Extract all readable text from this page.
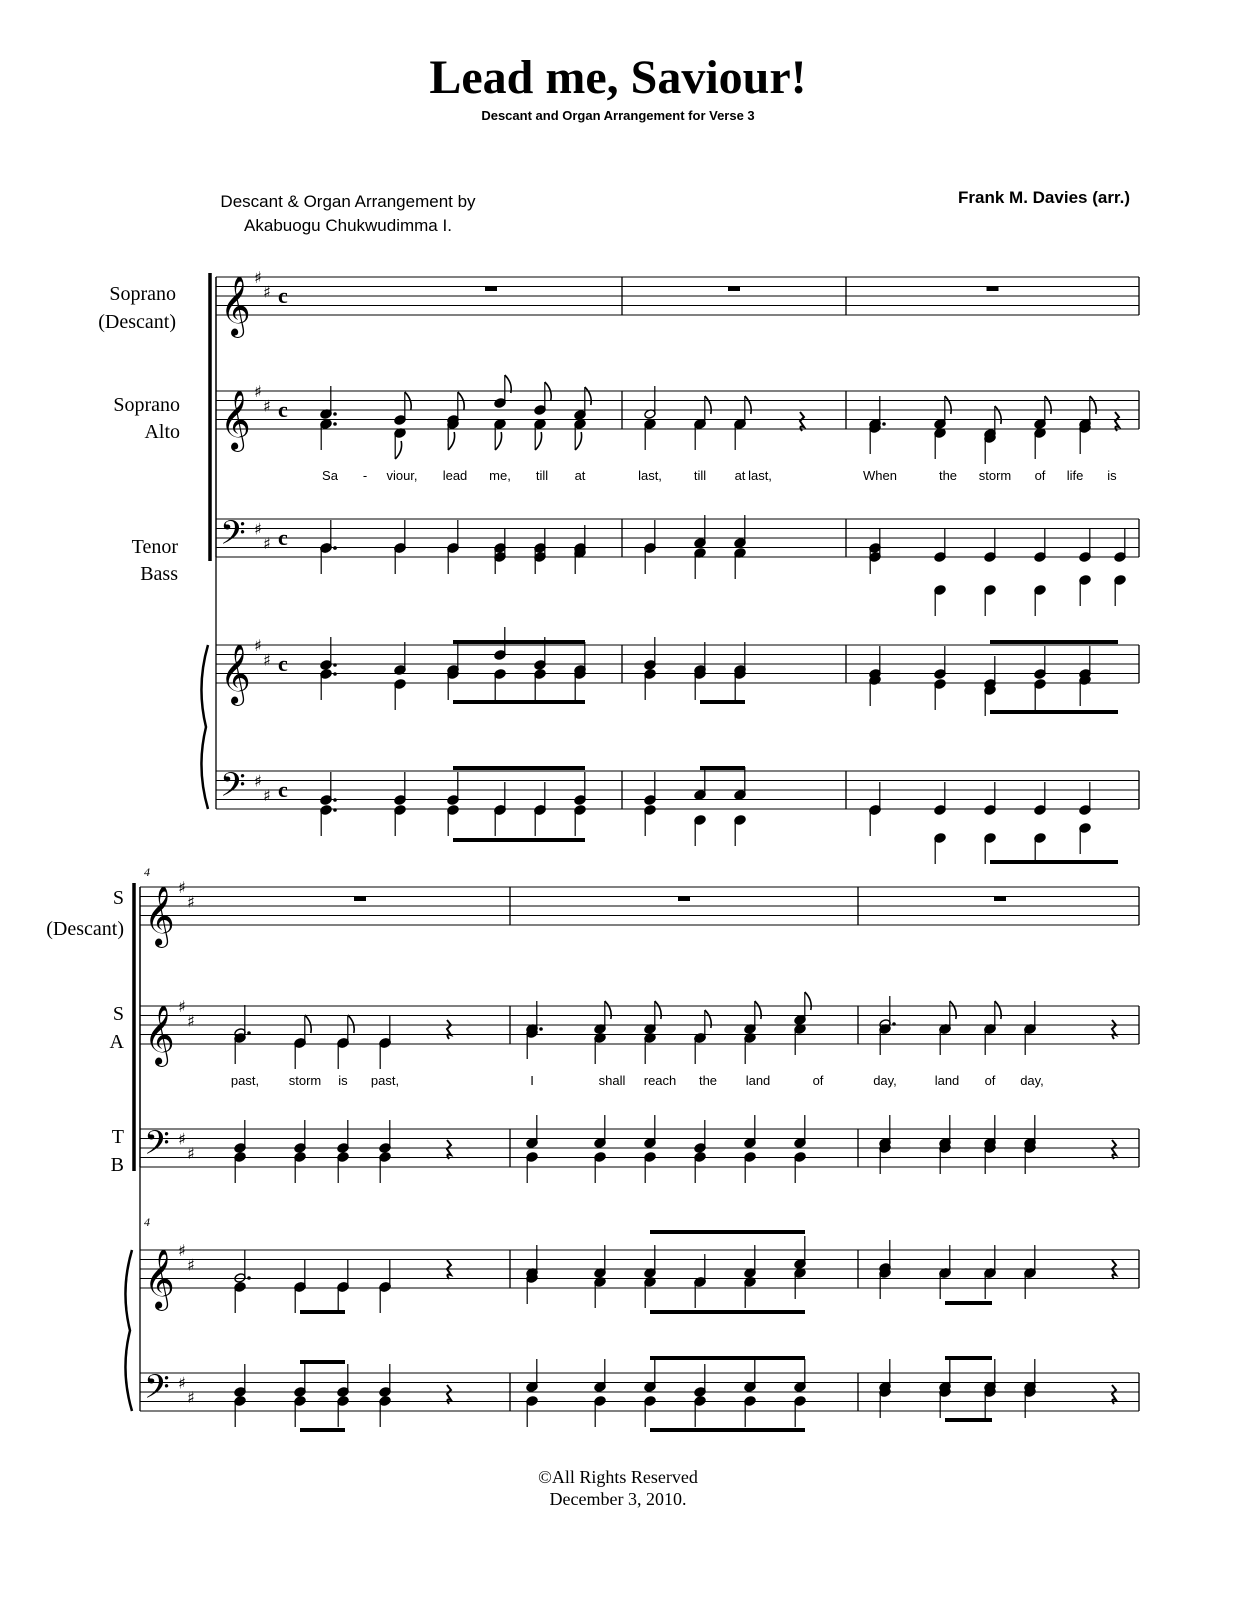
Lead me, Saviour!
Descant and Organ Arrangement for Verse 3
Descant & Organ Arrangement by
Akabuogu Chukwudimma I.
Frank M. Davies (arr.)
Soprano
(Descant)
Soprano
Alto
Tenor
Bass
S
(Descant)
S
A
T
B
4
4
Sa - viour, lead me, till at	last, till at last,	When	the storm of life is
past, storm is past,	I	shall reach the land	of	day,	land of day,
𝄞 ♯
♯ c
𝄞 ♯
♯ c
𝄢 ♯
♯ c
𝄞 ♯
♯ c
𝄢 ♯
♯ c
𝄞 ♯
♯
𝄞 ♯
♯
𝄢 ♯
♯
𝄞 ♯
♯
𝄢 ♯
♯
©All Rights Reserved
December 3, 2010.
